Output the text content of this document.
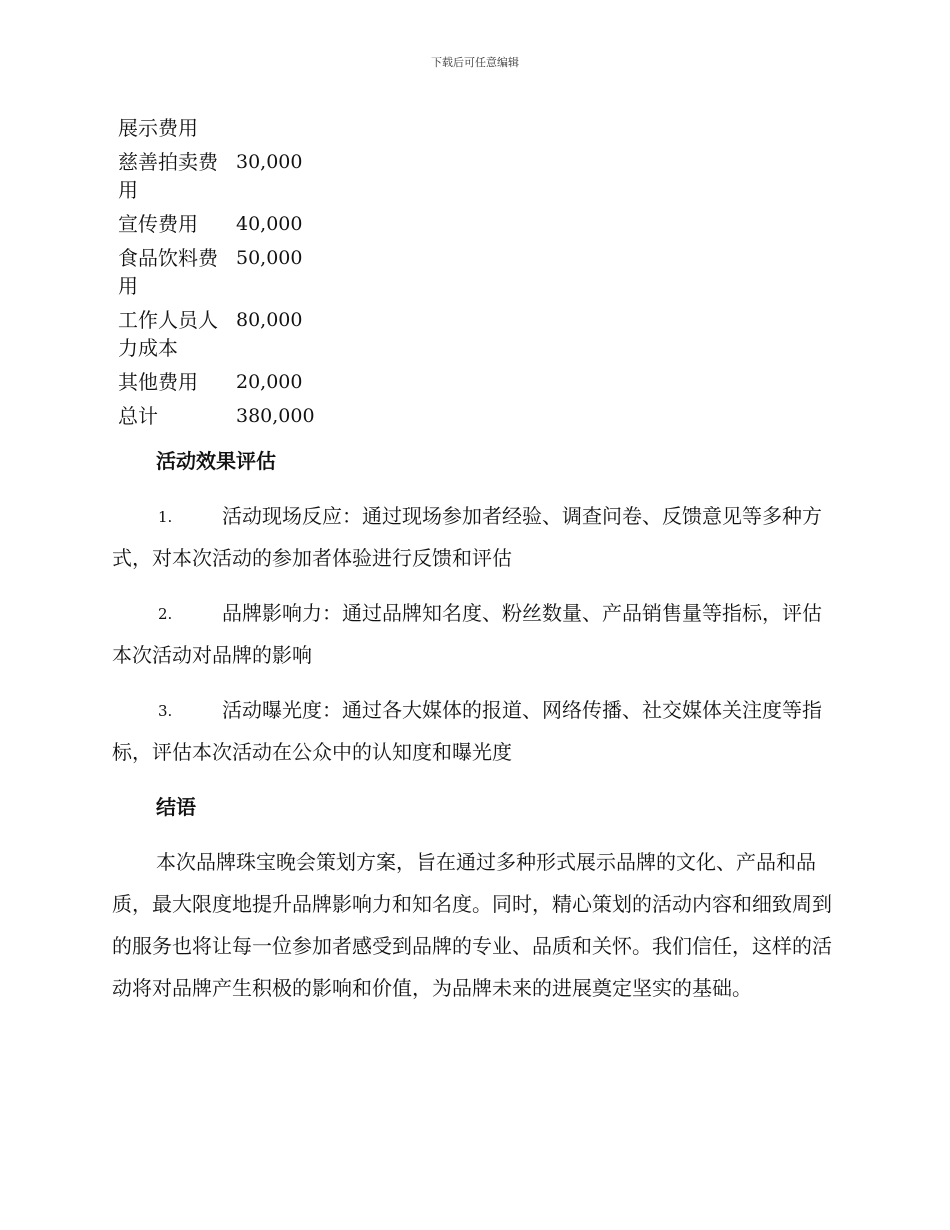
下载后可任意编辑
展示费用	
慈善拍卖费用	30,000
宣传费用	40,000
食品饮料费用	50,000
工作人员人力成本	80,000
其他费用	20,000
总计	380,000
活动效果评估
1. 活动现场反应：通过现场参加者经验、调查问卷、反馈意见等多种方式，对本次活动的参加者体验进行反馈和评估
2. 品牌影响力：通过品牌知名度、粉丝数量、产品销售量等指标，评估本次活动对品牌的影响
3. 活动曝光度：通过各大媒体的报道、网络传播、社交媒体关注度等指标，评估本次活动在公众中的认知度和曝光度
结语
本次品牌珠宝晚会策划方案，旨在通过多种形式展示品牌的文化、产品和品质，最大限度地提升品牌影响力和知名度。同时，精心策划的活动内容和细致周到的服务也将让每一位参加者感受到品牌的专业、品质和关怀。我们信任，这样的活动将对品牌产生积极的影响和价值，为品牌未来的进展奠定坚实的基础。
